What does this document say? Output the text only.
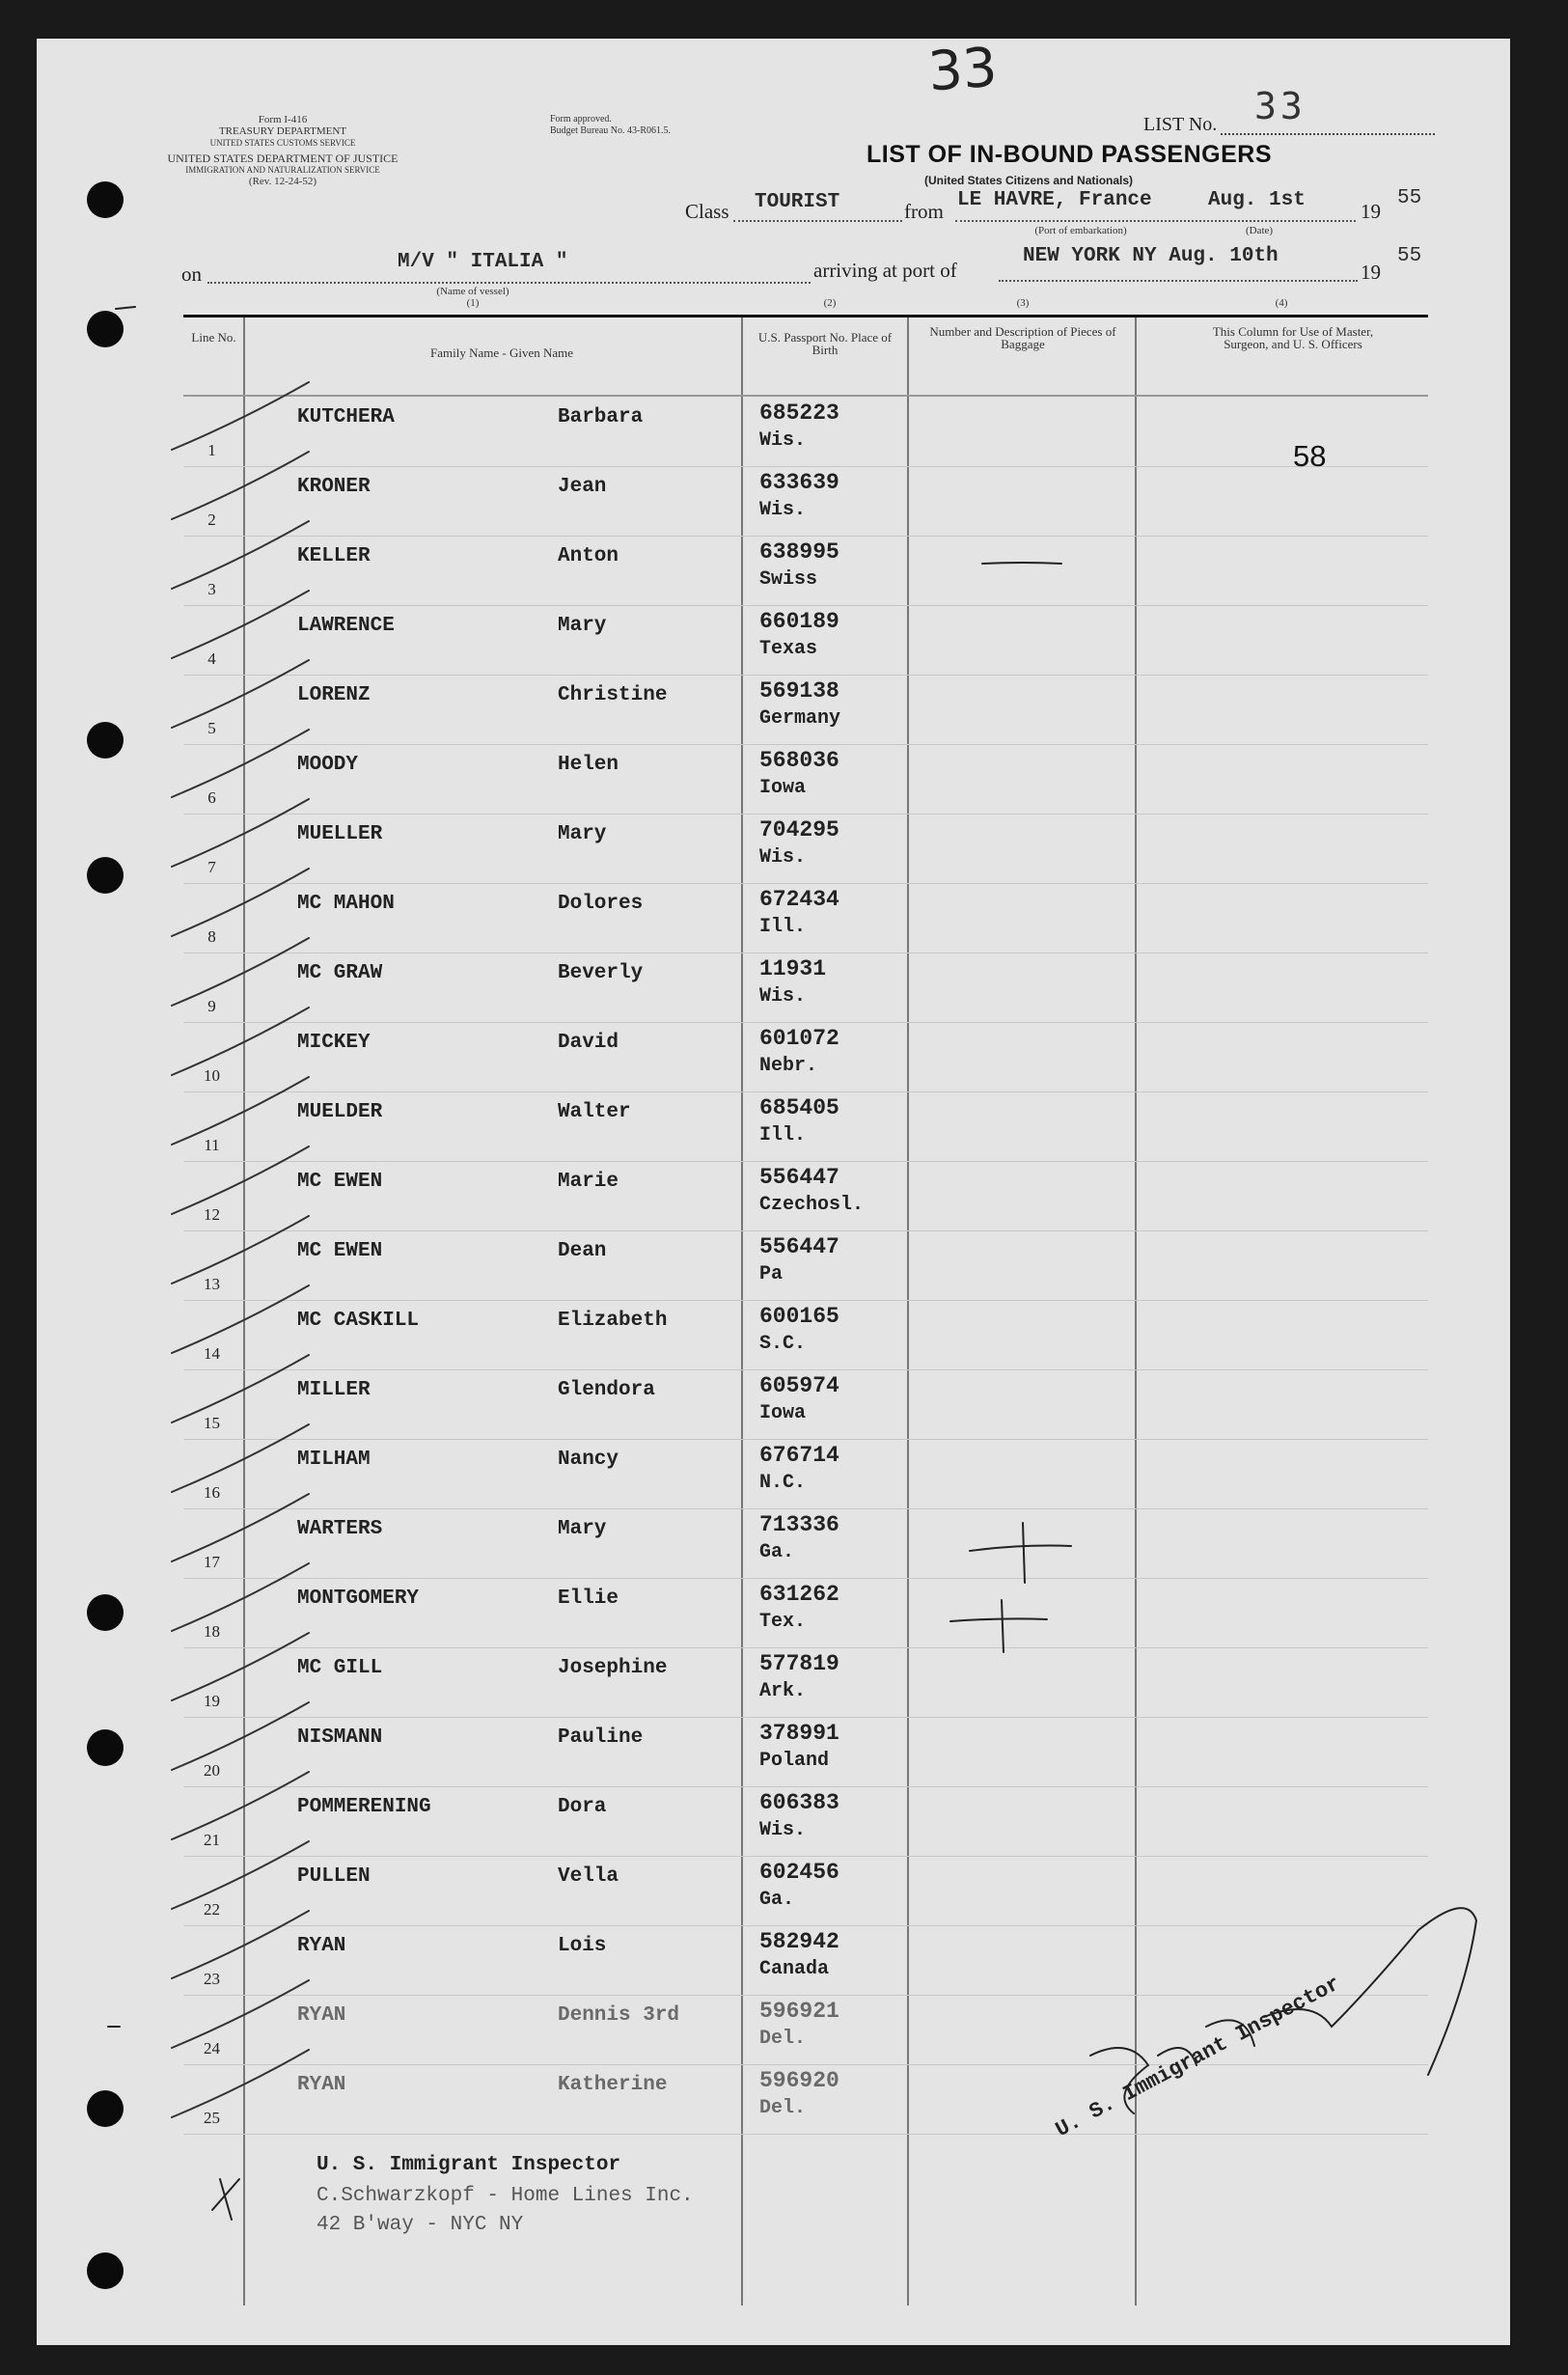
Form I-416
TREASURY DEPARTMENT
UNITED STATES CUSTOMS SERVICE
UNITED STATES DEPARTMENT OF JUSTICE
IMMIGRATION AND NATURALIZATION SERVICE
(Rev. 12-24-52)
Form approved.
Budget Bureau No. 43-R061.5.
33
LIST No. 33
LIST OF IN-BOUND PASSENGERS
(United States Citizens and Nationals)
Class TOURIST	from LE HAVRE, France	Aug. 1st	19
55
(Port of embarkation)	(Date)
on
M/V " ITALIA "
(Name of vessel)
arriving at port of
NEW YORK NY Aug. 10th
19
55
(1)	(2)	(3)	(4)
Line No.
Family Name - Given Name
U.S. Passport No. Place of Birth
Number and Description of Pieces of Baggage
This Column for Use of Master, Surgeon, and U. S. Officers
1
KUTCHERA	Barbara	685223
Wis.
2
KRONER	Jean	633639
Wis.
3
KELLER	Anton	638995
Swiss
4
LAWRENCE	Mary	660189
Texas
5
LORENZ	Christine	569138
Germany
6
MOODY	Helen	568036
Iowa
7
MUELLER	Mary	704295
Wis.
8
MC MAHON	Dolores	672434
Ill.
9
MC GRAW	Beverly	11931
Wis.
10
MICKEY	David	601072
Nebr.
11
MUELDER	Walter	685405
Ill.
12
MC EWEN	Marie	556447
Czechosl.
13
MC EWEN	Dean	556447
Pa
14
MC CASKILL	Elizabeth	600165
S.C.
15
MILLER	Glendora	605974
Iowa
16
MILHAM	Nancy	676714
N.C.
17
WARTERS	Mary	713336
Ga.
18
MONTGOMERY	Ellie	631262
Tex.
19
MC GILL	Josephine	577819
Ark.
20
NISMANN	Pauline	378991
Poland
21
POMMERENING	Dora	606383
Wis.
22
PULLEN	Vella	602456
Ga.
23
RYAN	Lois	582942
Canada
24
RYAN	Dennis 3rd	596921
Del.
25
RYAN	Katherine	596920
Del.
58
U. S. Immigrant Inspector
C.Schwarzkopf - Home Lines Inc.
42 B'way - NYC NY
U. S. Immigrant Inspector
